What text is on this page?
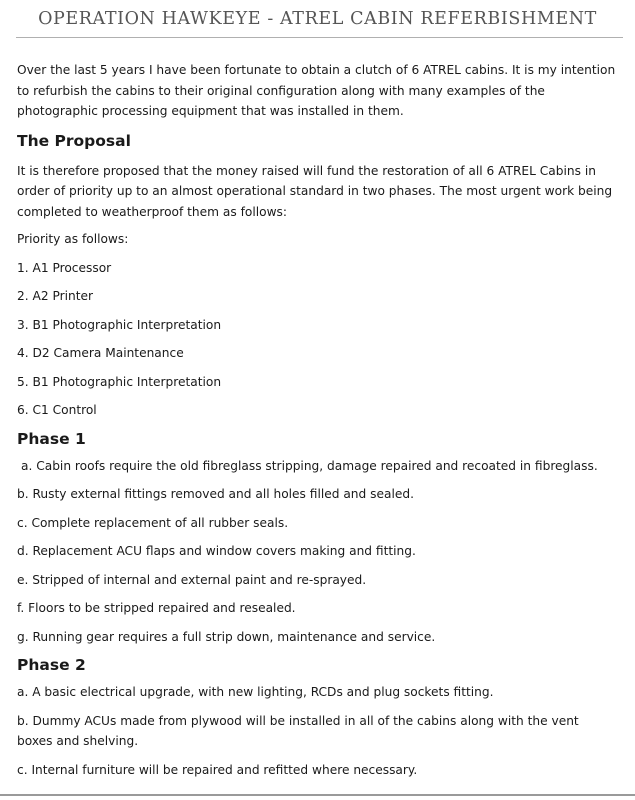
OPERATION HAWKEYE - ATREL CABIN REFERBISHMENT

Over the last 5 years I have been fortunate to obtain a clutch of 6 ATREL cabins. It is my intention to refurbish the cabins to their original configuration along with many examples of the photographic processing equipment that was installed in them.

The Proposal

It is therefore proposed that the money raised will fund the restoration of all 6 ATREL Cabins in order of priority up to an almost operational standard in two phases. The most urgent work being completed to weatherproof them as follows:

Priority as follows:

1. A1 Processor

2. A2 Printer

3. B1 Photographic Interpretation

4. D2 Camera Maintenance

5. B1 Photographic Interpretation

6. C1 Control

Phase 1

a. Cabin roofs require the old fibreglass stripping, damage repaired and recoated in fibreglass.

b. Rusty external fittings removed and all holes filled and sealed.

c. Complete replacement of all rubber seals.

d. Replacement ACU flaps and window covers making and fitting.

e. Stripped of internal and external paint and re-sprayed.

f. Floors to be stripped repaired and resealed.

g. Running gear requires a full strip down, maintenance and service.

Phase 2

a. A basic electrical upgrade, with new lighting, RCDs and plug sockets fitting.

b. Dummy ACUs made from plywood will be installed in all of the cabins along with the vent boxes and shelving.

c. Internal furniture will be repaired and refitted where necessary.
